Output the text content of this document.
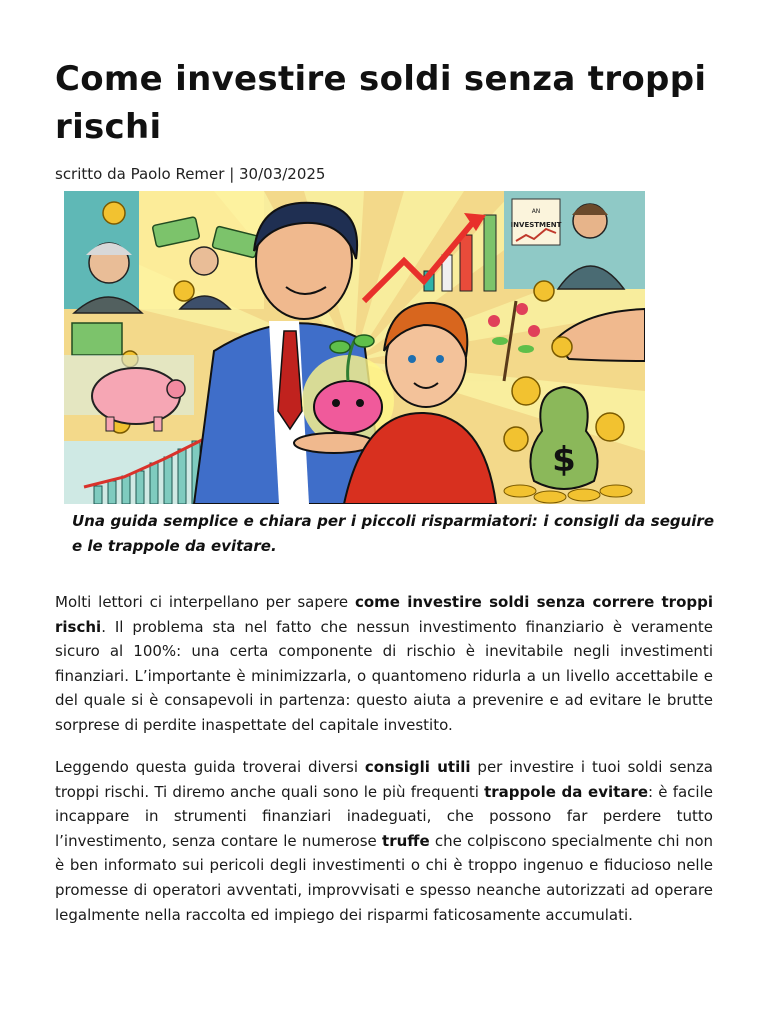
Come investire soldi senza troppi rischi
scritto da Paolo Remer | 30/03/2025
AN
INVESTMENT
$

Una guida semplice e chiara per i piccoli risparmiatori: i consigli da seguire e le trappole da evitare.

Molti lettori ci interpellano per sapere come investire soldi senza correre troppi rischi. Il problema sta nel fatto che nessun investimento finanziario è veramente sicuro al 100%: una certa componente di rischio è inevitabile negli investimenti finanziari. L’importante è minimizzarla, o quantomeno ridurla a un livello accettabile e del quale si è consapevoli in partenza: questo aiuta a prevenire e ad evitare le brutte sorprese di perdite inaspettate del capitale investito.

Leggendo questa guida troverai diversi consigli utili per investire i tuoi soldi senza troppi rischi. Ti diremo anche quali sono le più frequenti trappole da evitare: è facile incappare in strumenti finanziari inadeguati, che possono far perdere tutto l’investimento, senza contare le numerose truffe che colpiscono specialmente chi non è ben informato sui pericoli degli investimenti o chi è troppo ingenuo e fiducioso nelle promesse di operatori avventati, improvvisati e spesso neanche autorizzati ad operare legalmente nella raccolta ed impiego dei risparmi faticosamente accumulati.
